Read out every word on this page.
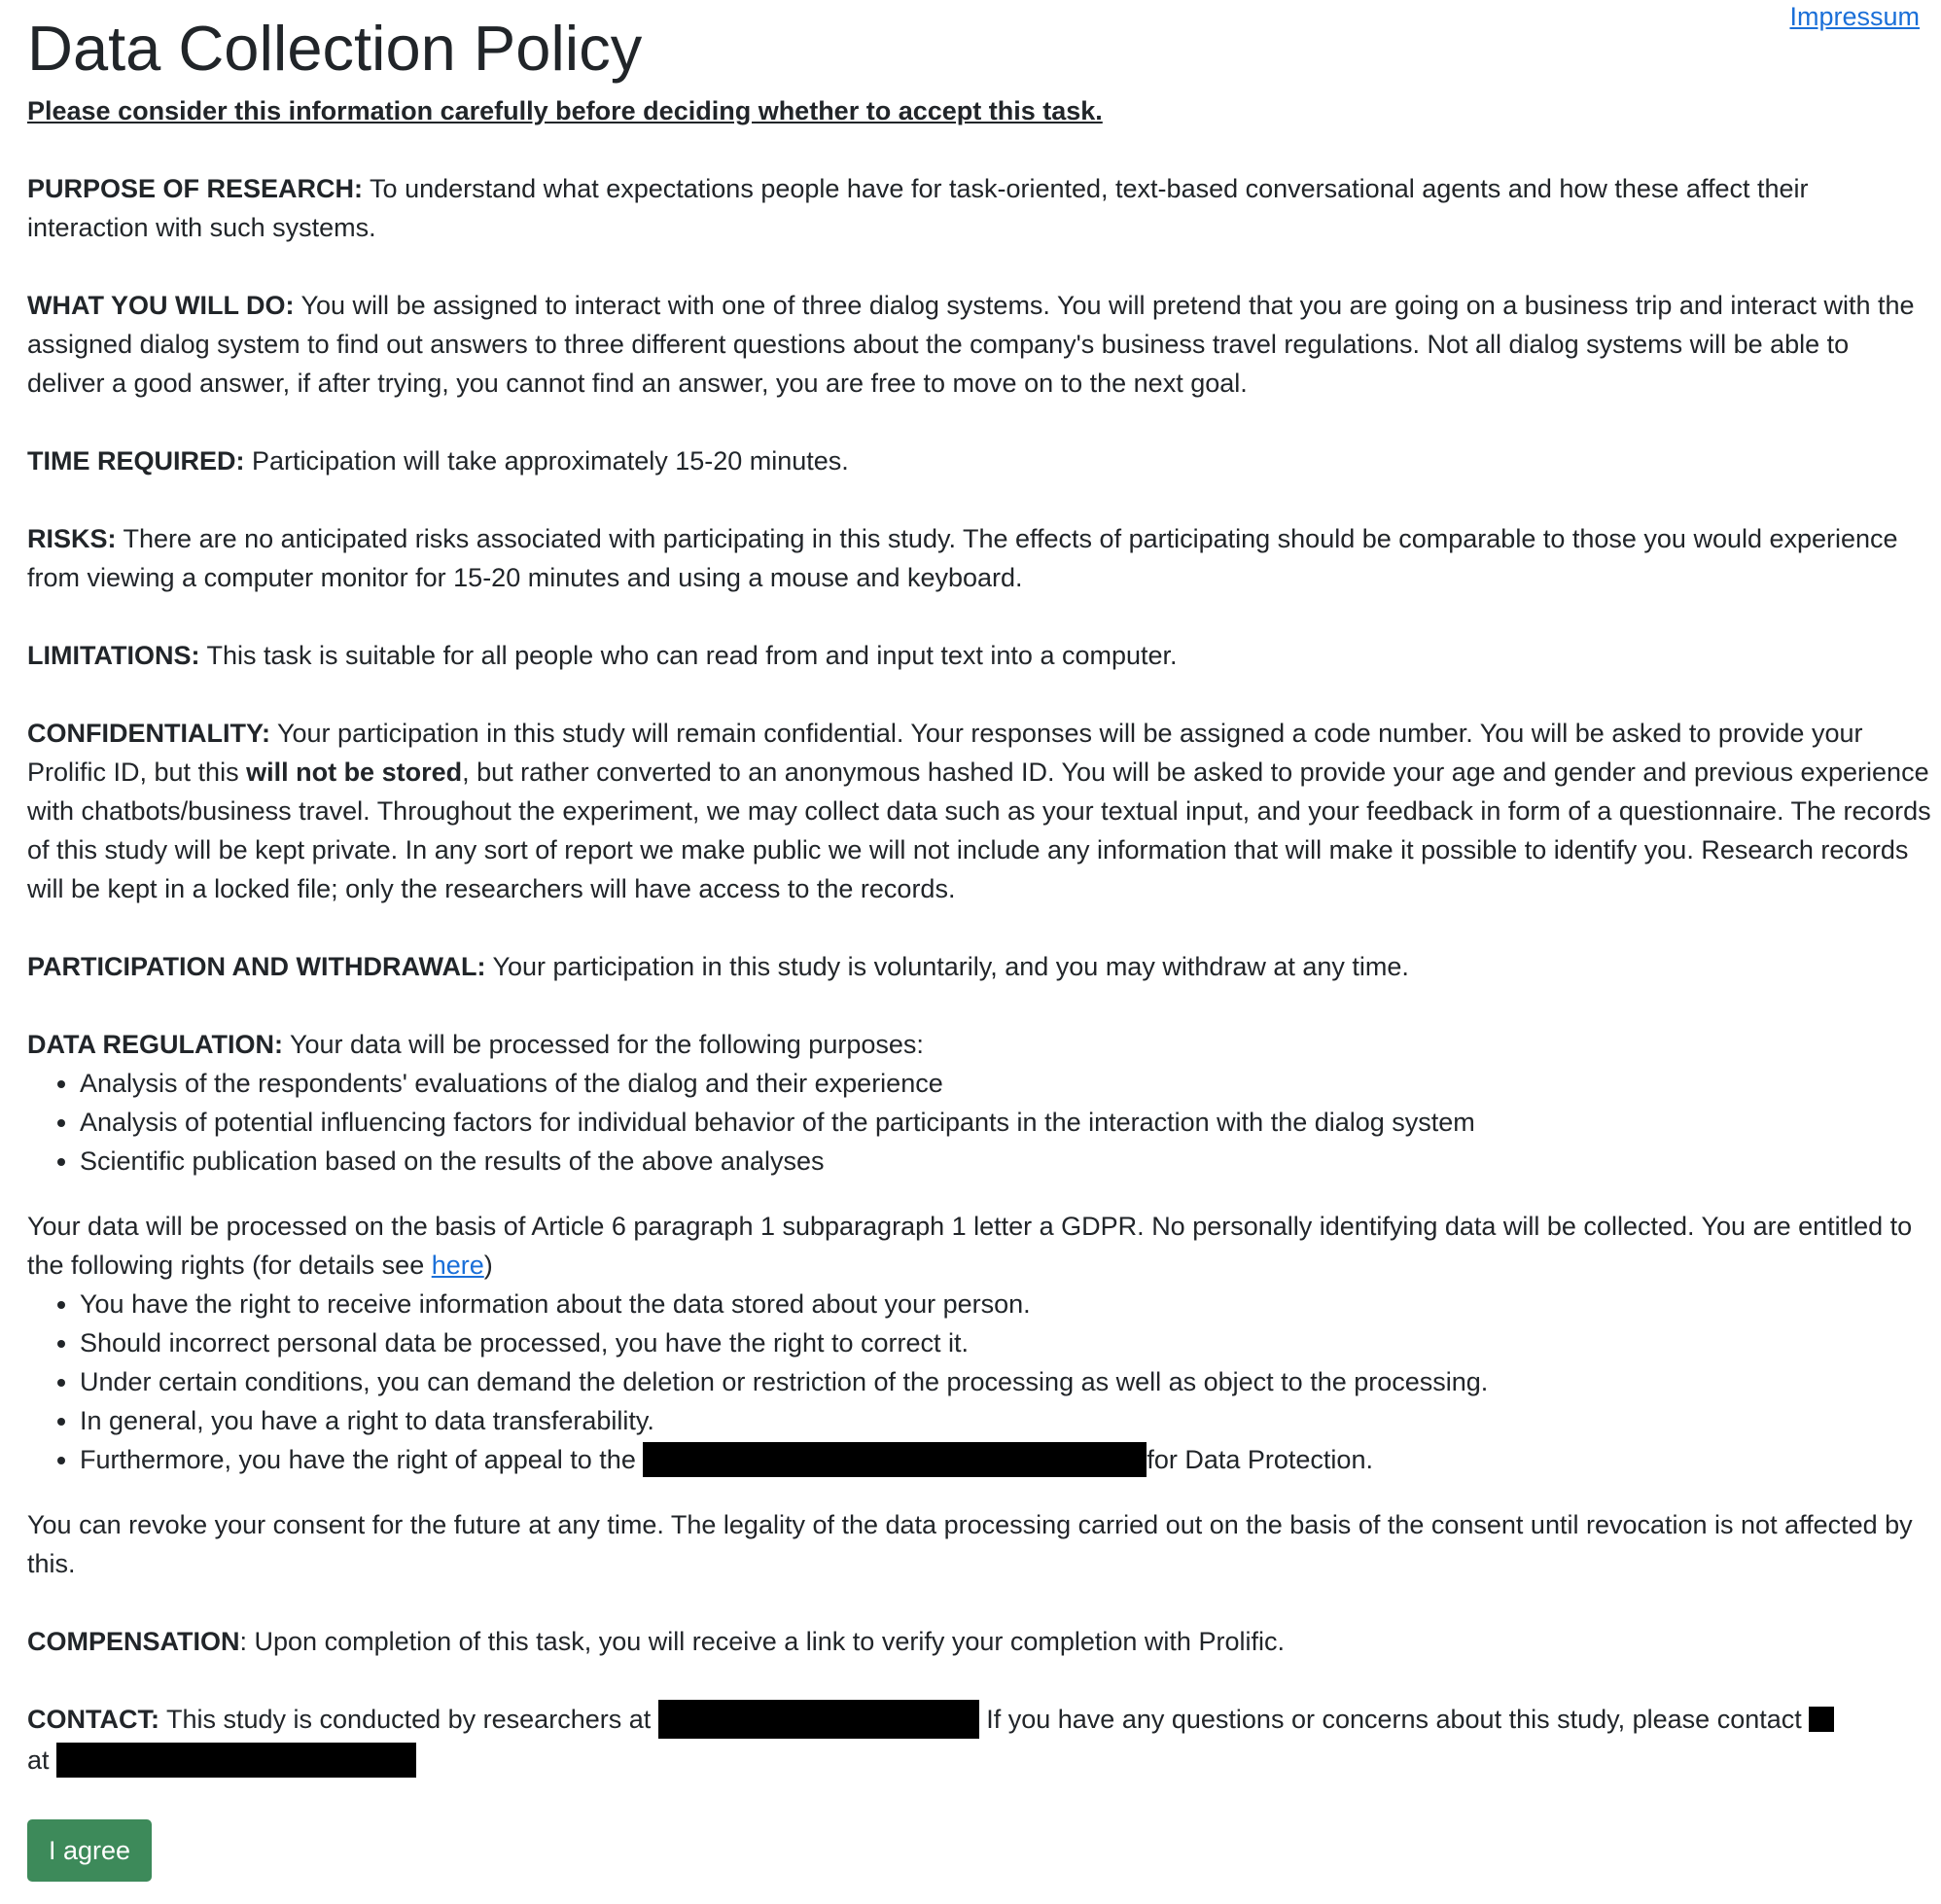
Impressum
Data Collection Policy

Please consider this information carefully before deciding whether to accept this task.

PURPOSE OF RESEARCH: To understand what expectations people have for task-oriented, text-based conversational agents and how these affect their interaction with such systems.

WHAT YOU WILL DO: You will be assigned to interact with one of three dialog systems. You will pretend that you are going on a business trip and interact with the assigned dialog system to find out answers to three different questions about the company's business travel regulations. Not all dialog systems will be able to deliver a good answer, if after trying, you cannot find an answer, you are free to move on to the next goal.

TIME REQUIRED: Participation will take approximately 15-20 minutes.

RISKS: There are no anticipated risks associated with participating in this study. The effects of participating should be comparable to those you would experience from viewing a computer monitor for 15-20 minutes and using a mouse and keyboard.

LIMITATIONS: This task is suitable for all people who can read from and input text into a computer.

CONFIDENTIALITY: Your participation in this study will remain confidential. Your responses will be assigned a code number. You will be asked to provide your Prolific ID, but this will not be stored, but rather converted to an anonymous hashed ID. You will be asked to provide your age and gender and previous experience with chatbots/business travel. Throughout the experiment, we may collect data such as your textual input, and your feedback in form of a questionnaire. The records of this study will be kept private. In any sort of report we make public we will not include any information that will make it possible to identify you. Research records will be kept in a locked file; only the researchers will have access to the records.

PARTICIPATION AND WITHDRAWAL: Your participation in this study is voluntarily, and you may withdraw at any time.

DATA REGULATION: Your data will be processed for the following purposes:

• Analysis of the respondents' evaluations of the dialog and their experience
• Analysis of potential influencing factors for individual behavior of the participants in the interaction with the dialog system
• Scientific publication based on the results of the above analyses

Your data will be processed on the basis of Article 6 paragraph 1 subparagraph 1 letter a GDPR. No personally identifying data will be collected. You are entitled to the following rights (for details see here)

• You have the right to receive information about the data stored about your person.
• Should incorrect personal data be processed, you have the right to correct it.
• Under certain conditions, you can demand the deletion or restriction of the processing as well as object to the processing.
• In general, you have a right to data transferability.
• Furthermore, you have the right of appeal to the	for Data Protection.

You can revoke your consent for the future at any time. The legality of the data processing carried out on the basis of the consent until revocation is not affected by this.

COMPENSATION: Upon completion of this task, you will receive a link to verify your completion with Prolific.

CONTACT: This study is conducted by researchers at	If you have any questions or concerns about this study, please contact
at

I agree
